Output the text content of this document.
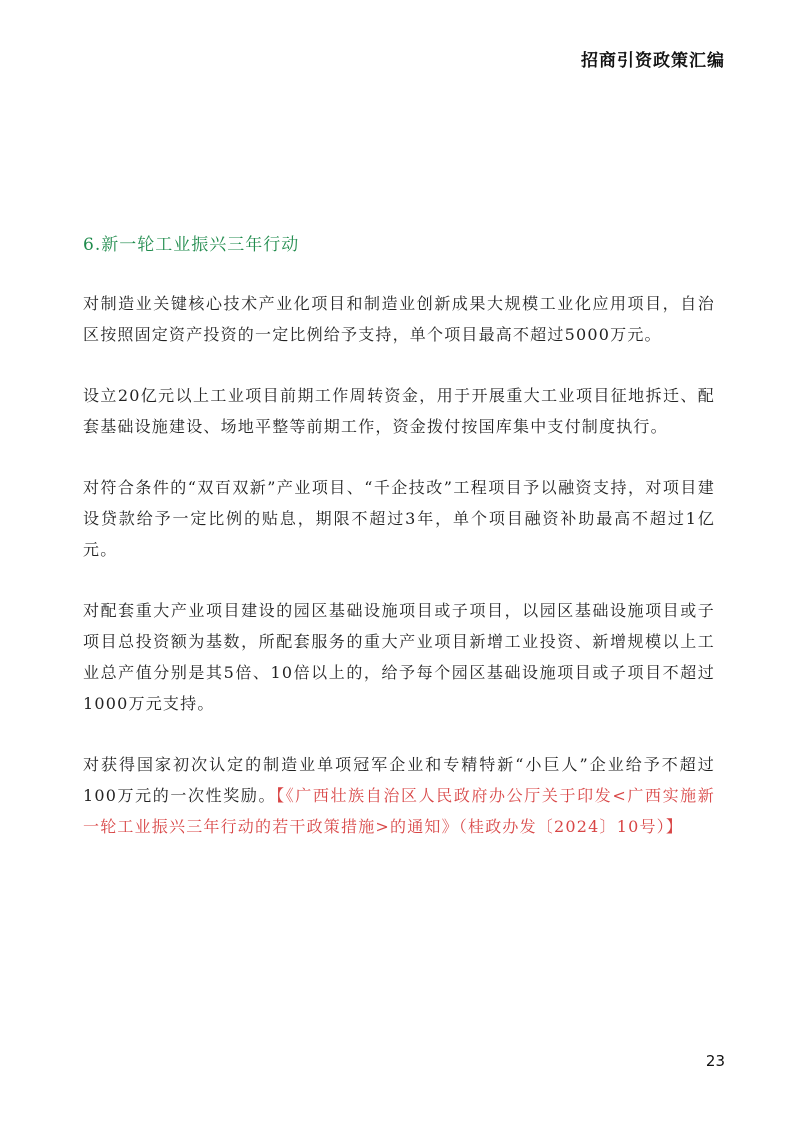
招商引资政策汇编
6.新一轮工业振兴三年行动

对制造业关键核心技术产业化项目和制造业创新成果大规模工业化应用项目，自治区按照固定资产投资的一定比例给予支持，单个项目最高不超过5000万元。

设立20亿元以上工业项目前期工作周转资金，用于开展重大工业项目征地拆迁、配套基础设施建设、场地平整等前期工作，资金拨付按国库集中支付制度执行。

对符合条件的“双百双新”产业项目、“千企技改”工程项目予以融资支持，对项目建设贷款给予一定比例的贴息，期限不超过3年，单个项目融资补助最高不超过1亿元。

对配套重大产业项目建设的园区基础设施项目或子项目，以园区基础设施项目或子项目总投资额为基数，所配套服务的重大产业项目新增工业投资、新增规模以上工业总产值分别是其5倍、10倍以上的，给予每个园区基础设施项目或子项目不超过1000万元支持。

对获得国家初次认定的制造业单项冠军企业和专精特新“小巨人”企业给予不超过100万元的一次性奖励。【《广西壮族自治区人民政府办公厅关于印发<广西实施新一轮工业振兴三年行动的若干政策措施>的通知》（桂政办发〔2024〕10号）】

23
